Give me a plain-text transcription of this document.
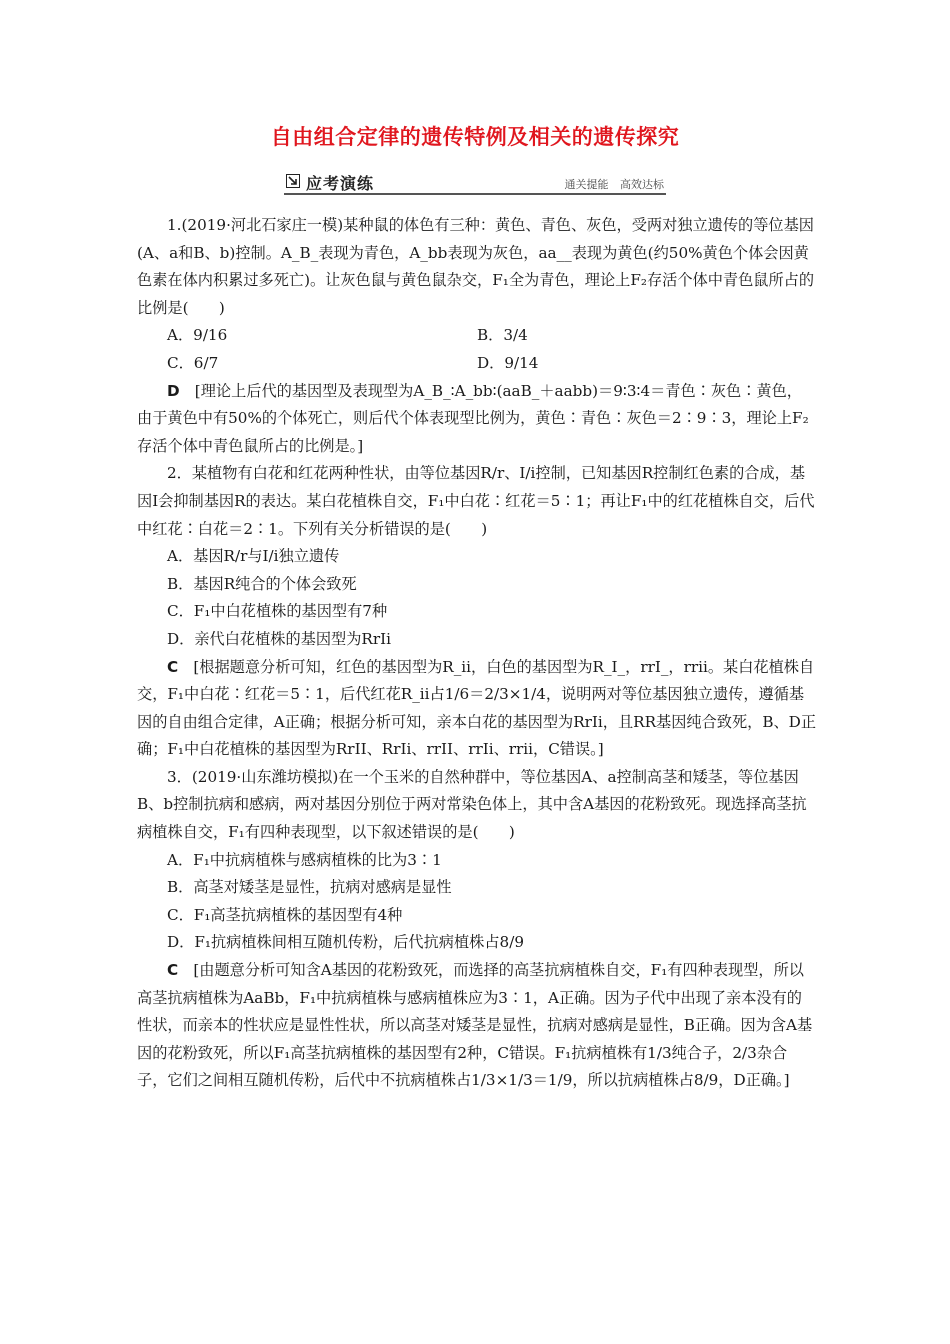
自由组合定律的遗传特例及相关的遗传探究
应考演练	通关提能 高效达标

1.(2019·河北石家庄一模)某种鼠的体色有三种：黄色、青色、灰色，受两对独立遗传的等位基因(A、a和B、b)控制。A_B_表现为青色，A_bb表现为灰色，aa__表现为黄色(约50%黄色个体会因黄色素在体内积累过多死亡)。让灰色鼠与黄色鼠杂交，F₁全为青色，理论上F₂存活个体中青色鼠所占的比例是(　　)

A．9/16	B．3/4
C．6/7	D．9/14

D　 [理论上后代的基因型及表现型为A_B_∶A_bb∶(aaB_＋aabb)＝9∶3∶4＝青色∶灰色∶黄色，由于黄色中有50%的个体死亡，则后代个体表现型比例为，黄色∶青色∶灰色＝2∶9∶3，理论上F₂存活个体中青色鼠所占的比例是。]

2．某植物有白花和红花两种性状，由等位基因R/r、I/i控制，已知基因R控制红色素的合成，基因I会抑制基因R的表达。某白花植株自交，F₁中白花∶红花＝5∶1；再让F₁中的红花植株自交，后代中红花∶白花＝2∶1。下列有关分析错误的是(　　)

A．基因R/r与I/i独立遗传

B．基因R纯合的个体会致死

C．F₁中白花植株的基因型有7种

D．亲代白花植株的基因型为RrIi

C　 [根据题意分析可知，红色的基因型为R_ii，白色的基因型为R_I_，rrI_，rrii。某白花植株自交，F₁中白花∶红花＝5∶1，后代红花R_ii占1/6＝2/3×1/4，说明两对等位基因独立遗传，遵循基因的自由组合定律，A正确；根据分析可知，亲本白花的基因型为RrIi，且RR基因纯合致死，B、D正确；F₁中白花植株的基因型为RrII、RrIi、rrII、rrIi、rrii，C错误。]

3．(2019·山东潍坊模拟)在一个玉米的自然种群中，等位基因A、a控制高茎和矮茎，等位基因B、b控制抗病和感病，两对基因分别位于两对常染色体上，其中含A基因的花粉致死。现选择高茎抗病植株自交，F₁有四种表现型，以下叙述错误的是(　　)

A．F₁中抗病植株与感病植株的比为3∶1

B．高茎对矮茎是显性，抗病对感病是显性

C．F₁高茎抗病植株的基因型有4种

D．F₁抗病植株间相互随机传粉，后代抗病植株占8/9

C　 [由题意分析可知含A基因的花粉致死，而选择的高茎抗病植株自交，F₁有四种表现型，所以高茎抗病植株为AaBb，F₁中抗病植株与感病植株应为3∶1，A正确。因为子代中出现了亲本没有的性状，而亲本的性状应是显性性状，所以高茎对矮茎是显性，抗病对感病是显性，B正确。因为含A基因的花粉致死，所以F₁高茎抗病植株的基因型有2种，C错误。F₁抗病植株有1/3纯合子，2/3杂合子，它们之间相互随机传粉，后代中不抗病植株占1/3×1/3＝1/9，所以抗病植株占8/9，D正确。]
